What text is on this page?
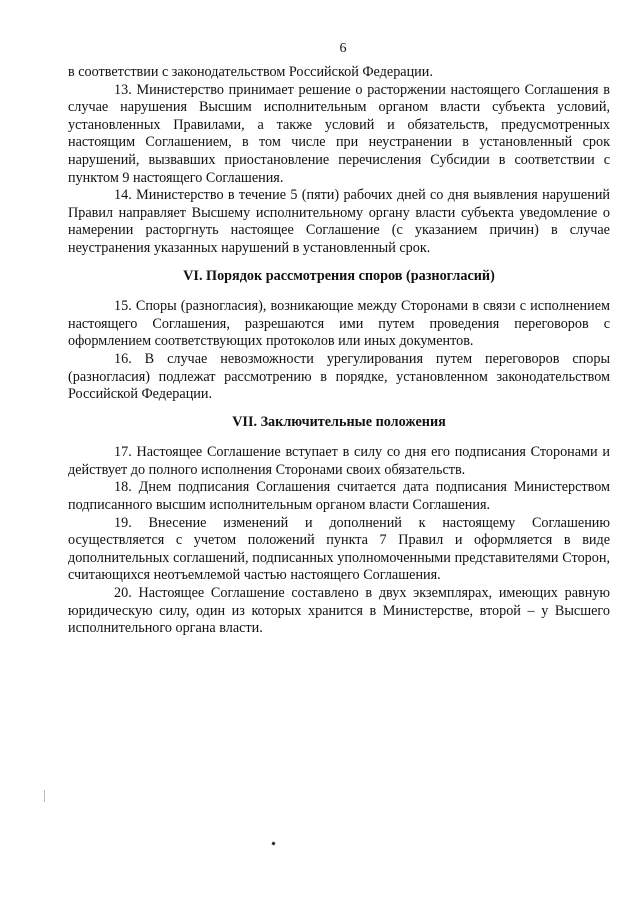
6

в соответствии с законодательством Российской Федерации.

13. Министерство принимает решение о расторжении настоящего Соглашения в случае нарушения Высшим исполнительным органом власти субъекта условий, установленных Правилами, а также условий и обязательств, предусмотренных настоящим Соглашением, в том числе при неустранении в установленный срок нарушений, вызвавших приостановление перечисления Субсидии в соответствии с пунктом 9 настоящего Соглашения.

14. Министерство в течение 5 (пяти) рабочих дней со дня выявления нарушений Правил направляет Высшему исполнительному органу власти субъекта уведомление о намерении расторгнуть настоящее Соглашение (с указанием причин) в случае неустранения указанных нарушений в установленный срок.

VI. Порядок рассмотрения споров (разногласий)

15. Споры (разногласия), возникающие между Сторонами в связи с исполнением настоящего Соглашения, разрешаются ими путем проведения переговоров с оформлением соответствующих протоколов или иных документов.

16. В случае невозможности урегулирования путем переговоров споры (разногласия) подлежат рассмотрению в порядке, установленном законодательством Российской Федерации.

VII. Заключительные положения

17. Настоящее Соглашение вступает в силу со дня его подписания Сторонами и действует до полного исполнения Сторонами своих обязательств.

18. Днем подписания Соглашения считается дата подписания Министерством подписанного высшим исполнительным органом власти Соглашения.

19. Внесение изменений и дополнений к настоящему Соглашению осуществляется с учетом положений пункта 7 Правил и оформляется в виде дополнительных соглашений, подписанных уполномоченными представителями Сторон, считающихся неотъемлемой частью настоящего Соглашения.

20. Настоящее Соглашение составлено в двух экземплярах, имеющих равную юридическую силу, один из которых хранится в Министерстве, второй – у Высшего исполнительного органа власти.
